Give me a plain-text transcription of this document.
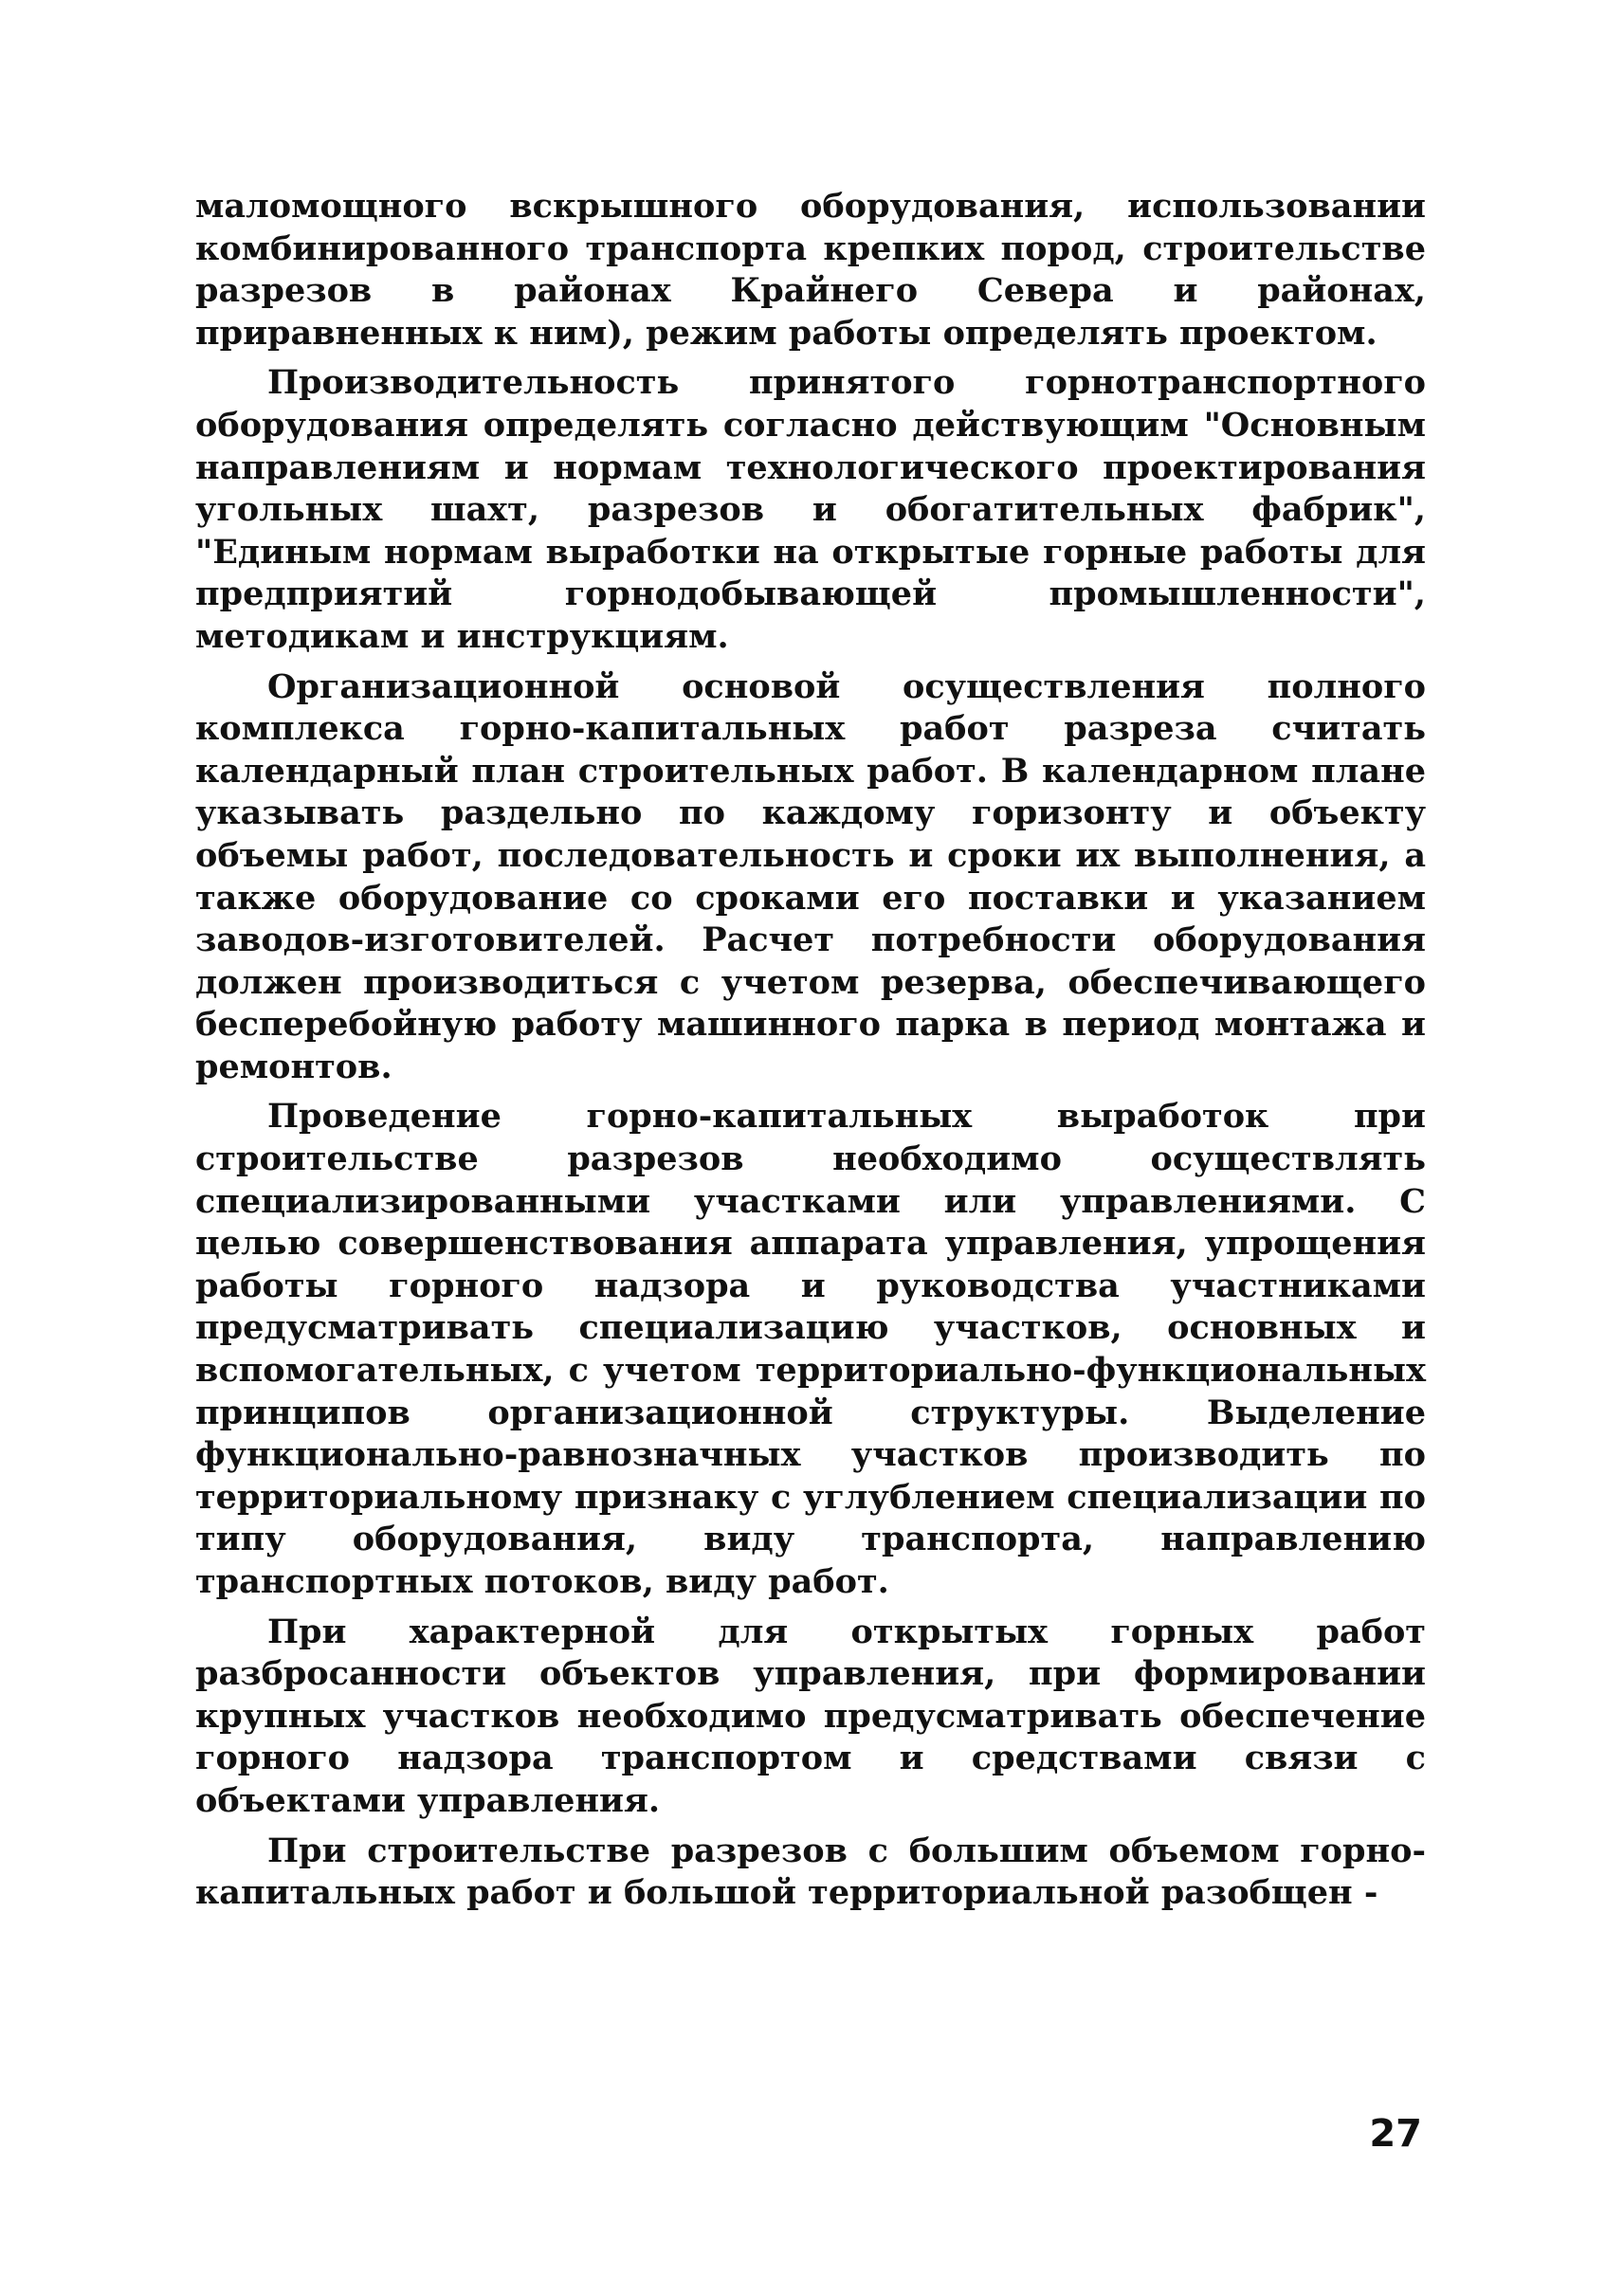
маломощного вскрышного оборудования, использовании комбинированного транспорта крепких пород, строительстве разрезов в районах Крайнего Севера и районах, приравненных к ним), режим работы определять проектом.

Производительность принятого горнотранспортного оборудования определять согласно действующим "Основным направлениям и нормам технологического проектирования угольных шахт, разрезов и обогатительных фабрик", "Единым нормам выработки на открытые горные работы для предприятий горнодобывающей промышленности", методикам и инструкциям.

Организационной основой осуществления полного комплекса горно-капитальных работ разреза считать календарный план строительных работ. В календарном плане указывать раздельно по каждому горизонту и объекту объемы работ, последовательность и сроки их выполнения, а также оборудование со сроками его поставки и указанием заводов-изготовителей. Расчет потребности оборудования должен производиться с учетом резерва, обеспечивающего бесперебойную работу машинного парка в период монтажа и ремонтов.

Проведение горно-капитальных выработок при строительстве разрезов необходимо осуществлять специализированными участками или управлениями. С целью совершенствования аппарата управления, упрощения работы горного надзора и руководства участниками предусматривать специализацию участков, основных и вспомогательных, с учетом территориально-функциональных принципов организационной структуры. Выделение функционально-равнозначных участков производить по территориальному признаку с углублением специализации по типу оборудования, виду транспорта, направлению транспортных потоков, виду работ.

При характерной для открытых горных работ разбросанности объектов управления, при формировании крупных участков необходимо предусматривать обеспечение горного надзора транспортом и средствами связи с объектами управления.

При строительстве разрезов с большим объемом горно-капитальных работ и большой территориальной разобщен -

27
